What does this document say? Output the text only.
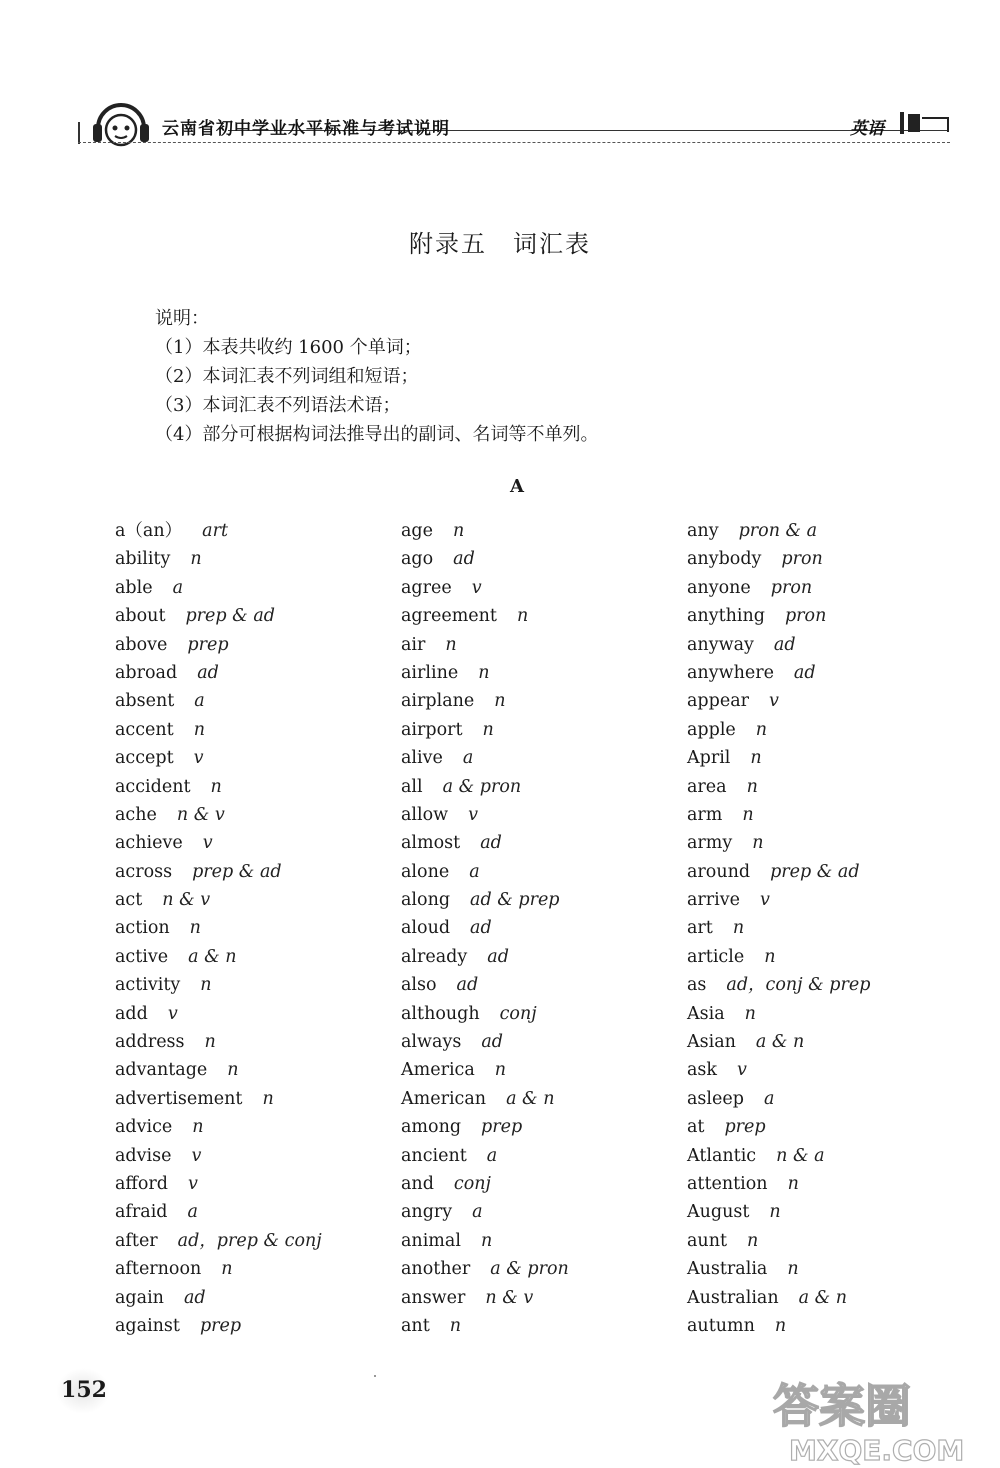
云南省初中学业水平标准与考试说明	英语
附录五　词汇表
说明：
（1）本表共收约 1600 个单词；
（2）本词汇表不列词组和短语；
（3）本词汇表不列语法术语；
（4）部分可根据构词法推导出的副词、名词等不单列。
A
a（an） art
ability n
able a
about prep & ad
above prep
abroad ad
absent a
accent n
accept v
accident n
ache n & v
achieve v
across prep & ad
act n & v
action n
active a & n
activity n
add v
address n
advantage n
advertisement n
advice n
advise v
afford v
afraid a
after ad，prep & conj
afternoon n
again ad
against prep
age n
ago ad
agree v
agreement n
air n
airline n
airplane n
airport n
alive a
all a & pron
allow v
almost ad
alone a
along ad & prep
aloud ad
already ad
also ad
although conj
always ad
America n
American a & n
among prep
ancient a
and conj
angry a
animal n
another a & pron
answer n & v
ant n
any pron & a
anybody pron
anyone pron
anything pron
anyway ad
anywhere ad
appear v
apple n
April n
area n
arm n
army n
around prep & ad
arrive v
art n
article n
as ad，conj & prep
Asia n
Asian a & n
ask v
asleep a
at prep
Atlantic n & a
attention n
August n
aunt n
Australia n
Australian a & n
autumn n
152	答案圈
MXQE.COM
